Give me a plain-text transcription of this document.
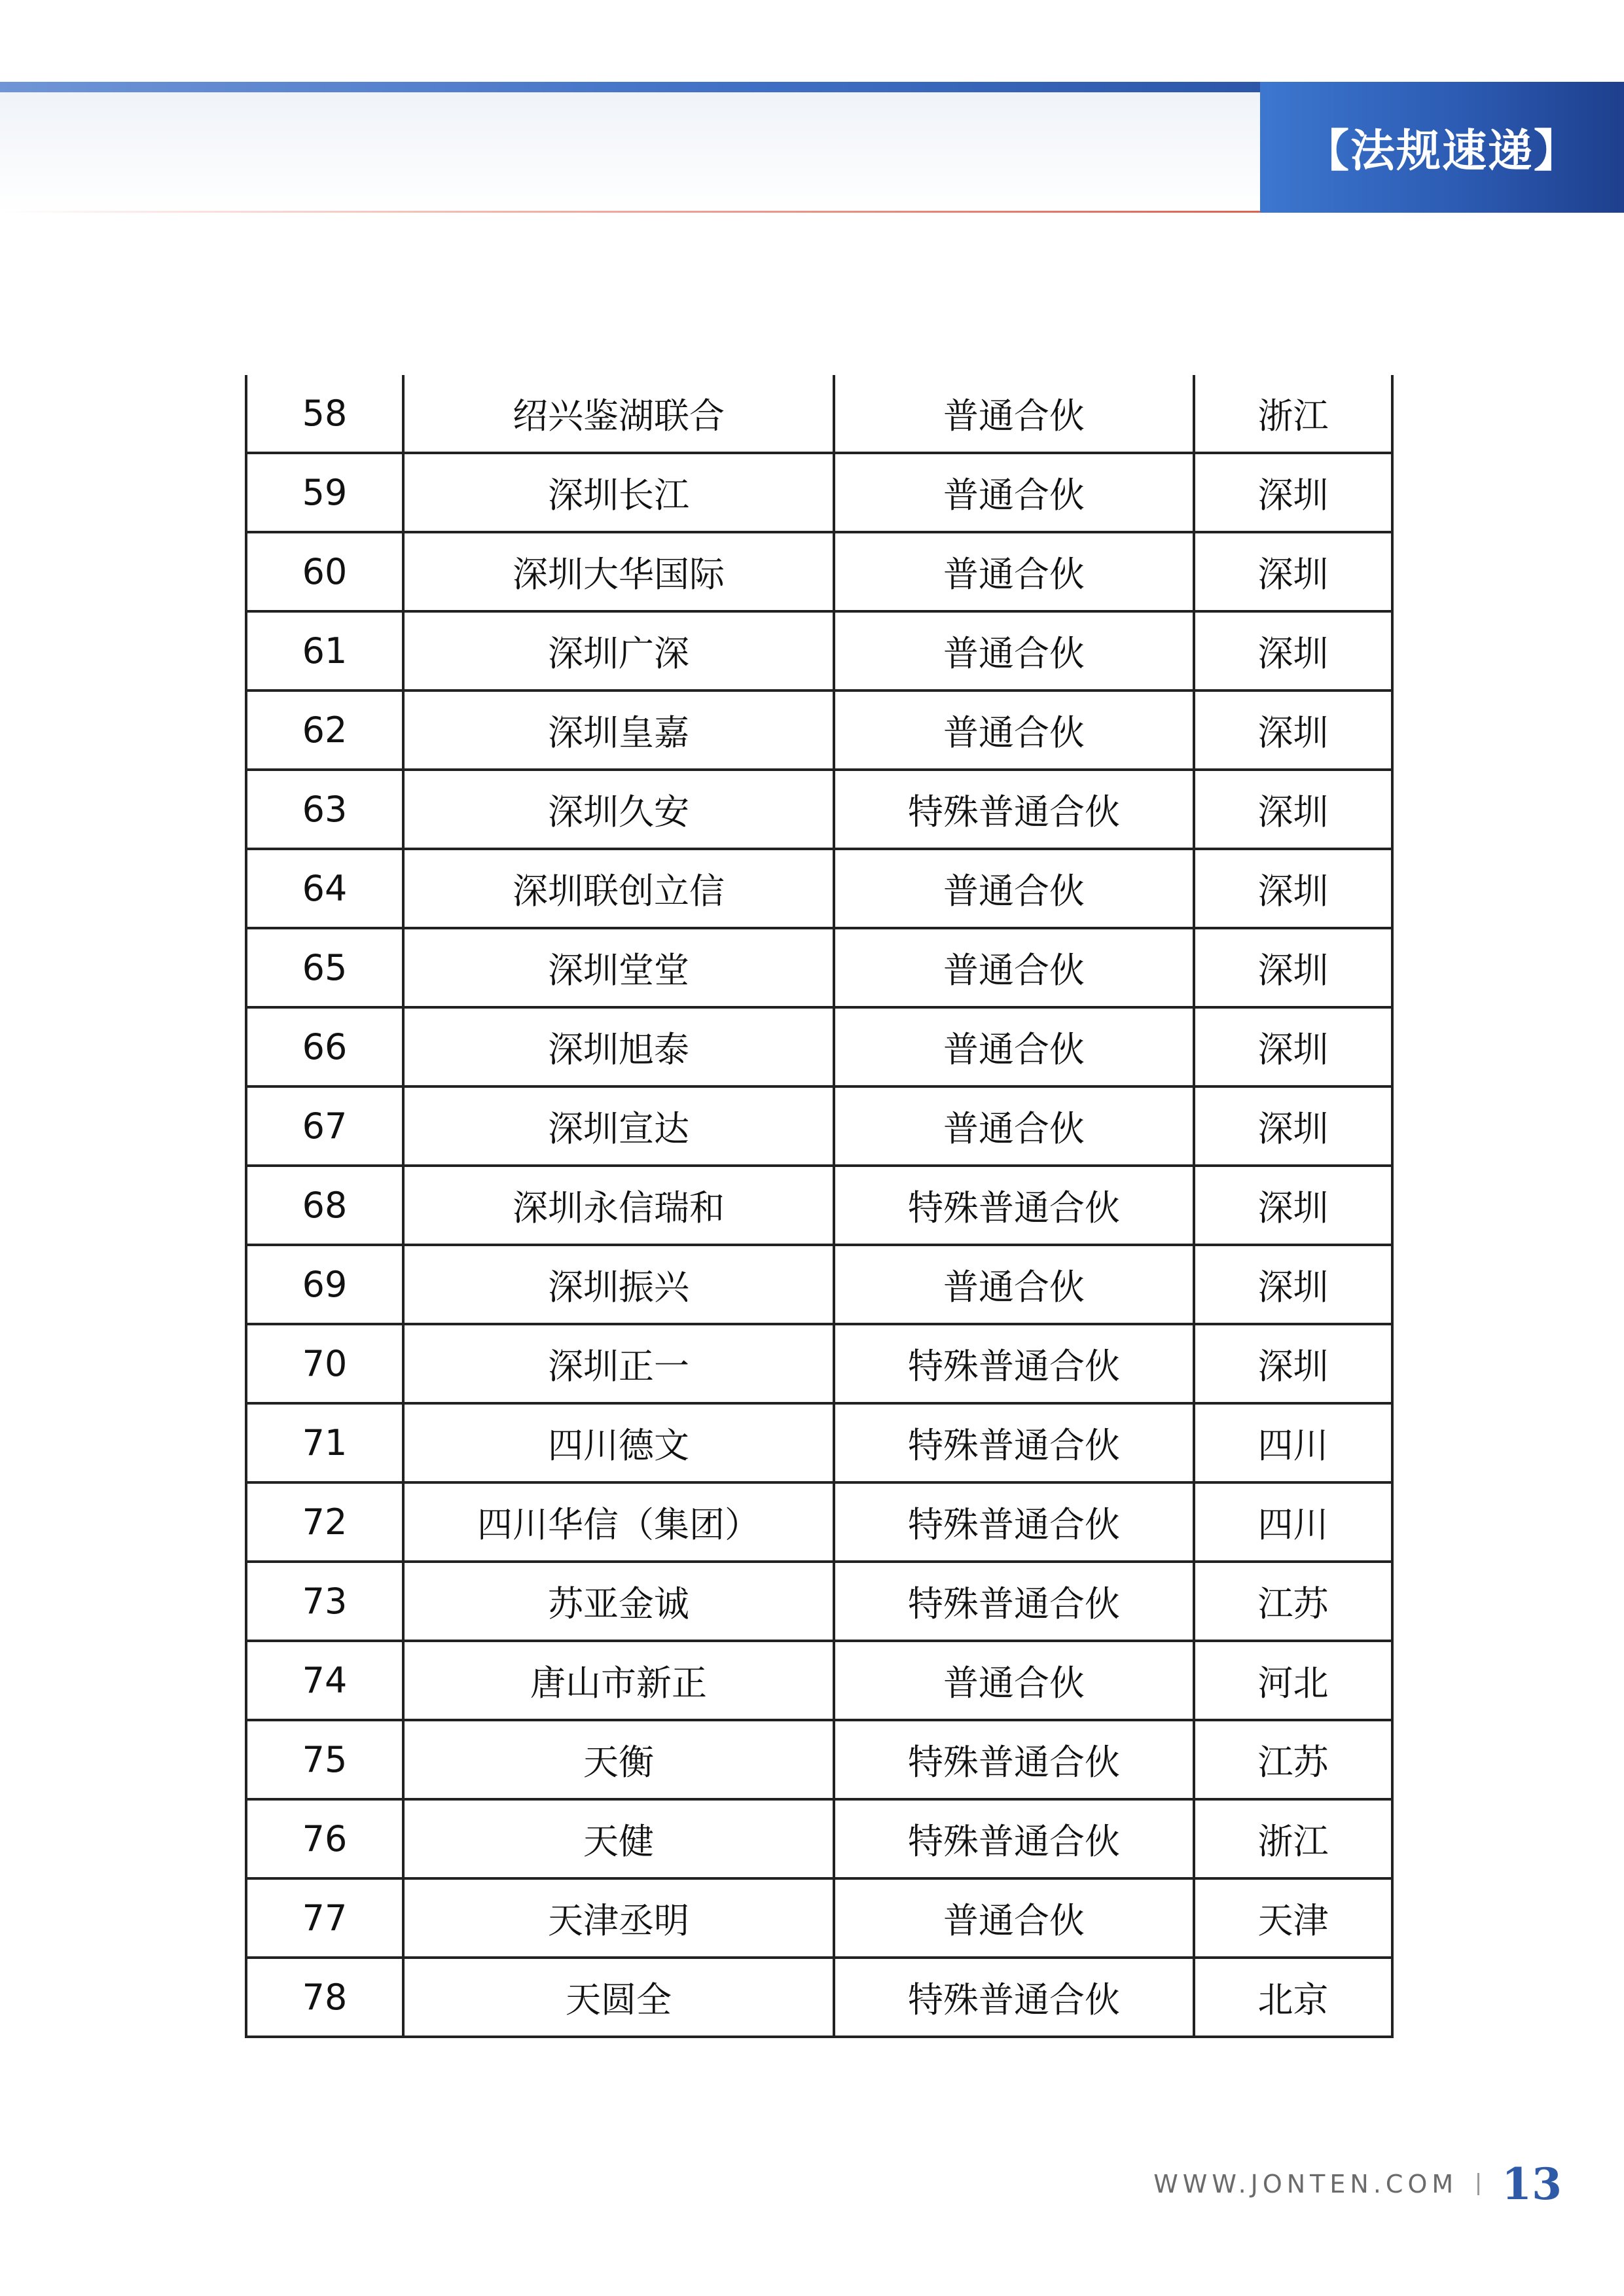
【法规速递】
58	绍兴鉴湖联合	普通合伙	浙江
59	深圳长江	普通合伙	深圳
60	深圳大华国际	普通合伙	深圳
61	深圳广深	普通合伙	深圳
62	深圳皇嘉	普通合伙	深圳
63	深圳久安	特殊普通合伙	深圳
64	深圳联创立信	普通合伙	深圳
65	深圳堂堂	普通合伙	深圳
66	深圳旭泰	普通合伙	深圳
67	深圳宣达	普通合伙	深圳
68	深圳永信瑞和	特殊普通合伙	深圳
69	深圳振兴	普通合伙	深圳
70	深圳正一	特殊普通合伙	深圳
71	四川德文	特殊普通合伙	四川
72	四川华信（集团）	特殊普通合伙	四川
73	苏亚金诚	特殊普通合伙	江苏
74	唐山市新正	普通合伙	河北
75	天衡	特殊普通合伙	江苏
76	天健	特殊普通合伙	浙江
77	天津丞明	普通合伙	天津
78	天圆全	特殊普通合伙	北京
WWW.JONTEN.COM 13
